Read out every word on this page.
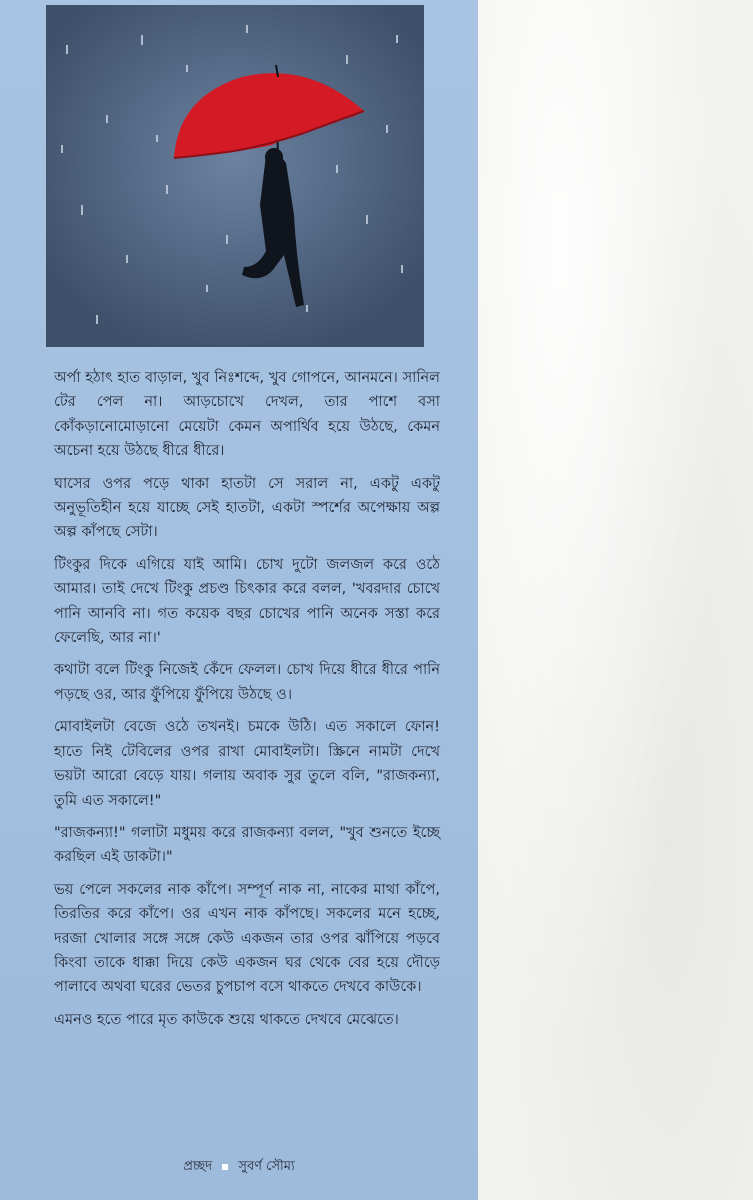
অর্পা হঠাৎ হাত বাড়াল, খুব নিঃশব্দে, খুব গোপনে, আনমনে। সানিল টের পেল না। আড়চোখে দেখল, তার পাশে বসা কোঁকড়ানোমোড়ানো মেয়েটা কেমন অপার্থিব হয়ে উঠছে, কেমন অচেনা হয়ে উঠছে ধীরে ধীরে।

ঘাসের ওপর পড়ে থাকা হাতটা সে সরাল না, একটু একটু অনুভূতিহীন হয়ে যাচ্ছে সেই হাতটা, একটা স্পর্শের অপেক্ষায় অল্প অল্প কাঁপছে সেটা।

টিংকুর দিকে এগিয়ে যাই আমি। চোখ দুটো জলজল করে ওঠে আমার। তাই দেখে টিংকু প্রচণ্ড চিৎকার করে বলল, 'খবরদার চোখে পানি আনবি না। গত কয়েক বছর চোখের পানি অনেক সস্তা করে ফেলেছি, আর না।'

কথাটা বলে টিংকু নিজেই কেঁদে ফেলল। চোখ দিয়ে ধীরে ধীরে পানি পড়ছে ওর, আর ফুঁপিয়ে ফুঁপিয়ে উঠছে ও।

মোবাইলটা বেজে ওঠে তখনই। চমকে উঠি। এত সকালে ফোন! হাতে নিই টেবিলের ওপর রাখা মোবাইলটা। স্ক্রিনে নামটা দেখে ভয়টা আরো বেড়ে যায়। গলায় অবাক সুর তুলে বলি, "রাজকন্যা, তুমি এত সকালে!"

"রাজকন্যা!" গলাটা মধুময় করে রাজকন্যা বলল, "খুব শুনতে ইচ্ছে করছিল এই ডাকটা।"

ভয় পেলে সকলের নাক কাঁপে। সম্পূর্ণ নাক না, নাকের মাথা কাঁপে, তিরতির করে কাঁপে। ওর এখন নাক কাঁপছে। সকলের মনে হচ্ছে, দরজা খোলার সঙ্গে সঙ্গে কেউ একজন তার ওপর ঝাঁপিয়ে পড়বে কিংবা তাকে ধাক্কা দিয়ে কেউ একজন ঘর থেকে বের হয়ে দৌড়ে পালাবে অথবা ঘরের ভেতর চুপচাপ বসে থাকতে দেখবে কাউকে।

এমনও হতে পারে মৃত কাউকে শুয়ে থাকতে দেখবে মেঝেতে।

প্রচ্ছদ সুবর্ণ সৌম্য
